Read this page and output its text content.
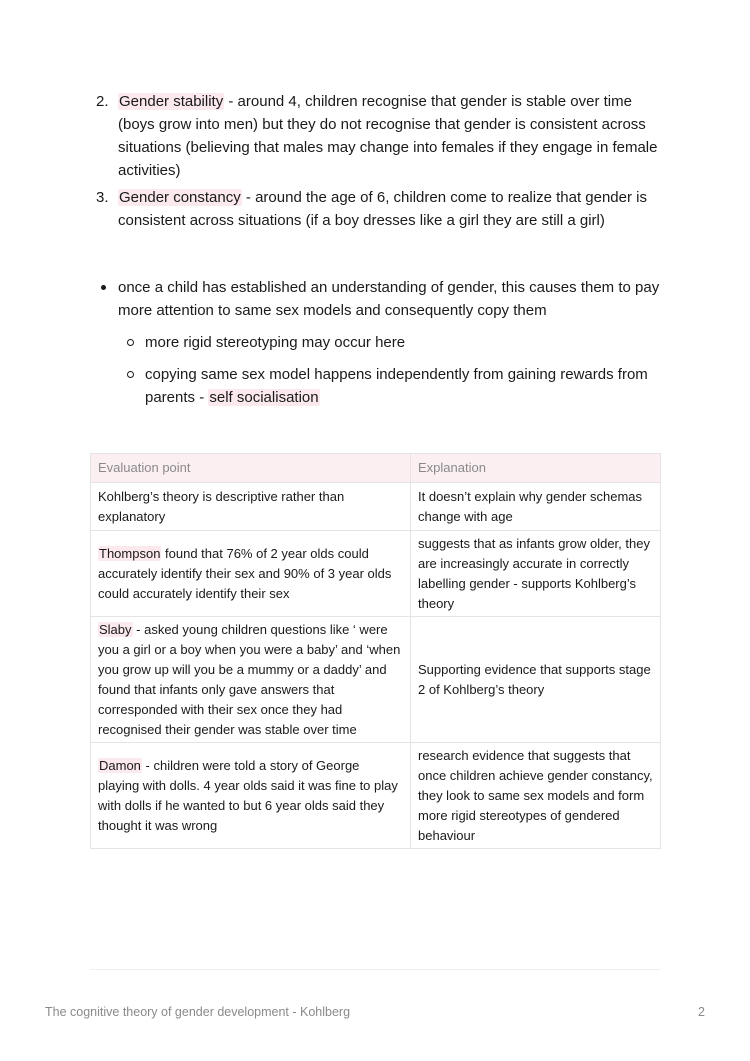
2. Gender stability - around 4, children recognise that gender is stable over time (boys grow into men) but they do not recognise that gender is consistent across situations (believing that males may change into females if they engage in female activities)
3. Gender constancy - around the age of 6, children come to realize that gender is consistent across situations (if a boy dresses like a girl they are still a girl)
once a child has established an understanding of gender, this causes them to pay more attention to same sex models and consequently copy them
more rigid stereotyping may occur here
copying same sex model happens independently from gaining rewards from parents - self socialisation
Evaluation point	Explanation
Kohlberg’s theory is descriptive rather than explanatory	It doesn’t explain why gender schemas change with age
Thompson found that 76% of 2 year olds could accurately identify their sex and 90% of 3 year olds could accurately identify their sex	suggests that as infants grow older, they are increasingly accurate in correctly labelling gender - supports Kohlberg’s theory
Slaby - asked young children questions like ‘ were you a girl or a boy when you were a baby’ and ‘when you grow up will you be a mummy or a daddy’ and found that infants only gave answers that corresponded with their sex once they had recognised their gender was stable over time	Supporting evidence that supports stage 2 of Kohlberg’s theory
Damon - children were told a story of George playing with dolls. 4 year olds said it was fine to play with dolls if he wanted to but 6 year olds said they thought it was wrong	research evidence that suggests that once children achieve gender constancy, they look to same sex models and form more rigid stereotypes of gendered behaviour
The cognitive theory of gender development - Kohlberg	2
